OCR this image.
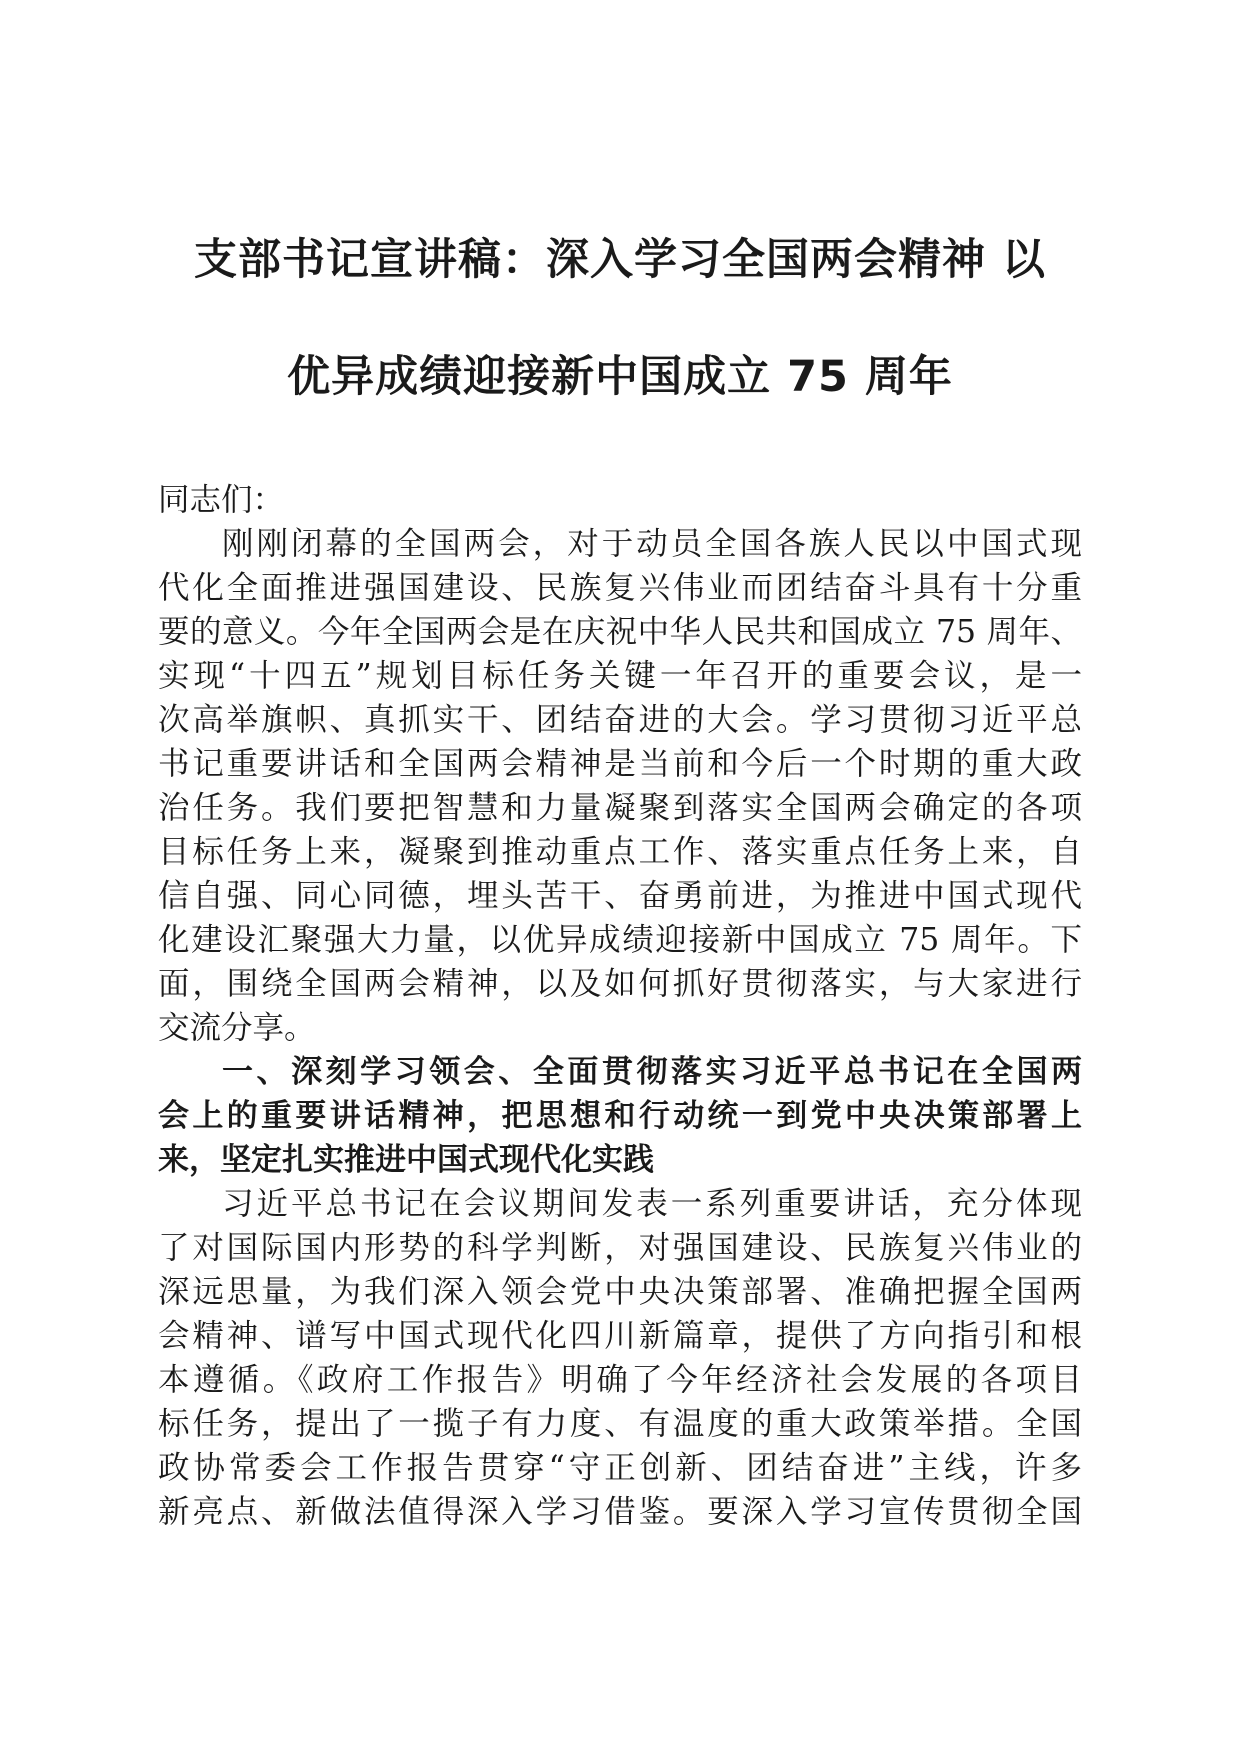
支部书记宣讲稿：深入学习全国两会精神 以
优异成绩迎接新中国成立 75 周年
同志们：
刚刚闭幕的全国两会，对于动员全国各族人民以中国式现
代化全面推进强国建设、民族复兴伟业而团结奋斗具有十分重
要的意义。今年全国两会是在庆祝中华人民共和国成立 75 周年、
实现“十四五”规划目标任务关键一年召开的重要会议，是一
次高举旗帜、真抓实干、团结奋进的大会。学习贯彻习近平总
书记重要讲话和全国两会精神是当前和今后一个时期的重大政
治任务。我们要把智慧和力量凝聚到落实全国两会确定的各项
目标任务上来，凝聚到推动重点工作、落实重点任务上来，自
信自强、同心同德，埋头苦干、奋勇前进，为推进中国式现代
化建设汇聚强大力量，以优异成绩迎接新中国成立 75 周年。下
面，围绕全国两会精神，以及如何抓好贯彻落实，与大家进行
交流分享。
一、深刻学习领会、全面贯彻落实习近平总书记在全国两
会上的重要讲话精神，把思想和行动统一到党中央决策部署上
来，坚定扎实推进中国式现代化实践
习近平总书记在会议期间发表一系列重要讲话，充分体现
了对国际国内形势的科学判断，对强国建设、民族复兴伟业的
深远思量，为我们深入领会党中央决策部署、准确把握全国两
会精神、谱写中国式现代化四川新篇章，提供了方向指引和根
本遵循。《政府工作报告》明确了今年经济社会发展的各项目
标任务，提出了一揽子有力度、有温度的重大政策举措。全国
政协常委会工作报告贯穿“守正创新、团结奋进”主线，许多
新亮点、新做法值得深入学习借鉴。要深入学习宣传贯彻全国
